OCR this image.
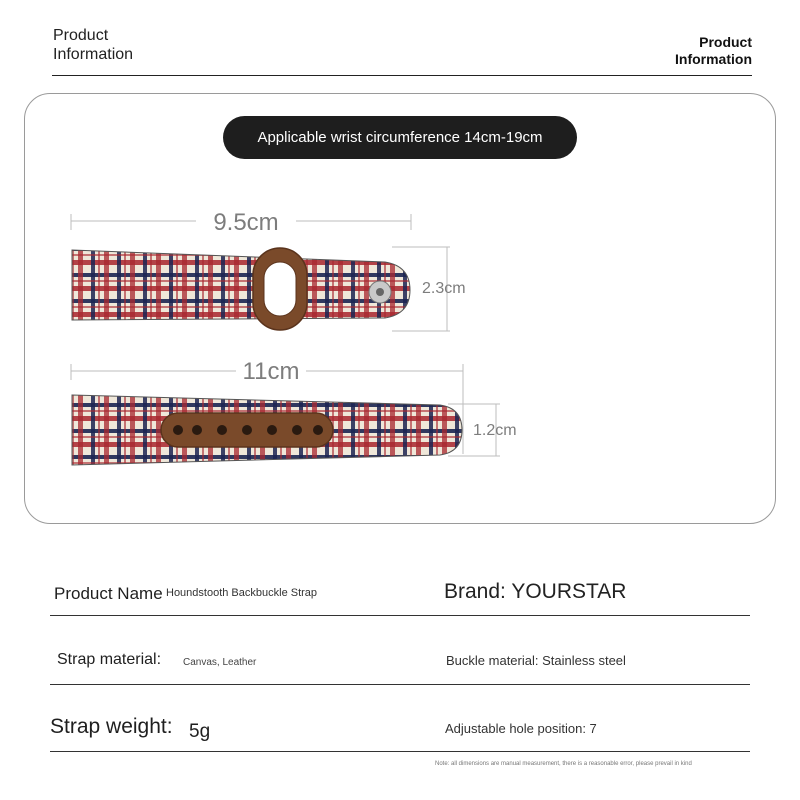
Product
Information
Product
Information
Applicable wrist circumference 14cm-19cm
9.5cm
2.3cm
11cm
1.2cm
Product Name Houndstooth Backbuckle Strap	Brand: YOURSTAR
Strap material: Canvas, Leather	Buckle material: Stainless steel
Strap weight: 5g	Adjustable hole position: 7
Note: all dimensions are manual measurement, there is a reasonable error, please prevail in kind
